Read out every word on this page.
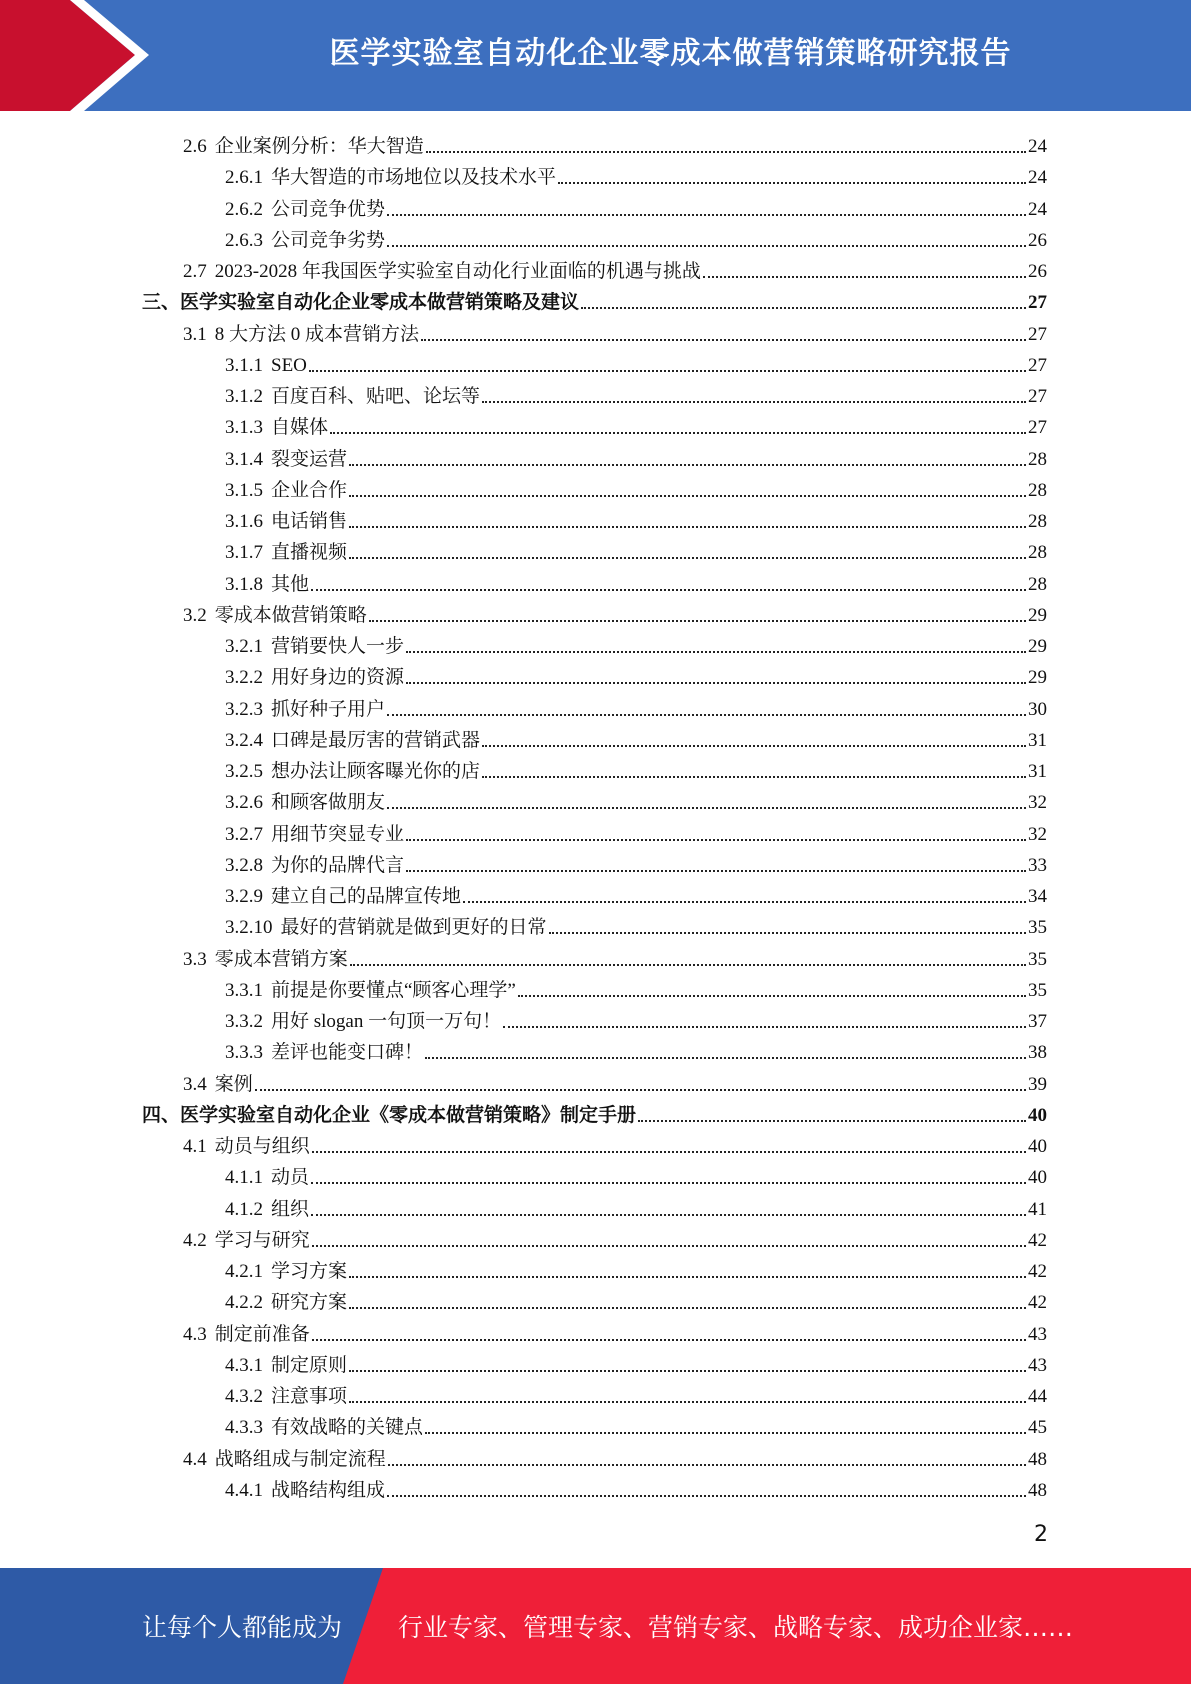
医学实验室自动化企业零成本做营销策略研究报告
2.6 企业案例分析：华大智造	24
2.6.1 华大智造的市场地位以及技术水平	24
2.6.2 公司竞争优势	24
2.6.3 公司竞争劣势	26
2.7 2023-2028 年我国医学实验室自动化行业面临的机遇与挑战	26
三、 医学实验室自动化企业零成本做营销策略及建议	27
3.1 8 大方法 0 成本营销方法	27
3.1.1 SEO	27
3.1.2 百度百科、贴吧、论坛等	27
3.1.3 自媒体	27
3.1.4 裂变运营	28
3.1.5 企业合作	28
3.1.6 电话销售	28
3.1.7 直播视频	28
3.1.8 其他	28
3.2 零成本做营销策略	29
3.2.1 营销要快人一步	29
3.2.2 用好身边的资源	29
3.2.3 抓好种子用户	30
3.2.4 口碑是最厉害的营销武器	31
3.2.5 想办法让顾客曝光你的店	31
3.2.6 和顾客做朋友	32
3.2.7 用细节突显专业	32
3.2.8 为你的品牌代言	33
3.2.9 建立自己的品牌宣传地	34
3.2.10 最好的营销就是做到更好的日常	35
3.3 零成本营销方案	35
3.3.1 前提是你要懂点“顾客心理学”	35
3.3.2 用好 slogan 一句顶一万句！	37
3.3.3 差评也能变口碑！	38
3.4 案例	39
四、 医学实验室自动化企业《零成本做营销策略》制定手册	40
4.1 动员与组织	40
4.1.1 动员	40
4.1.2 组织	41
4.2 学习与研究	42
4.2.1 学习方案	42
4.2.2 研究方案	42
4.3 制定前准备	43
4.3.1 制定原则	43
4.3.2 注意事项	44
4.3.3 有效战略的关键点	45
4.4 战略组成与制定流程	48
4.4.1 战略结构组成	48
2
让每个人都能成为 行业专家、管理专家、营销专家、战略专家、成功企业家……
